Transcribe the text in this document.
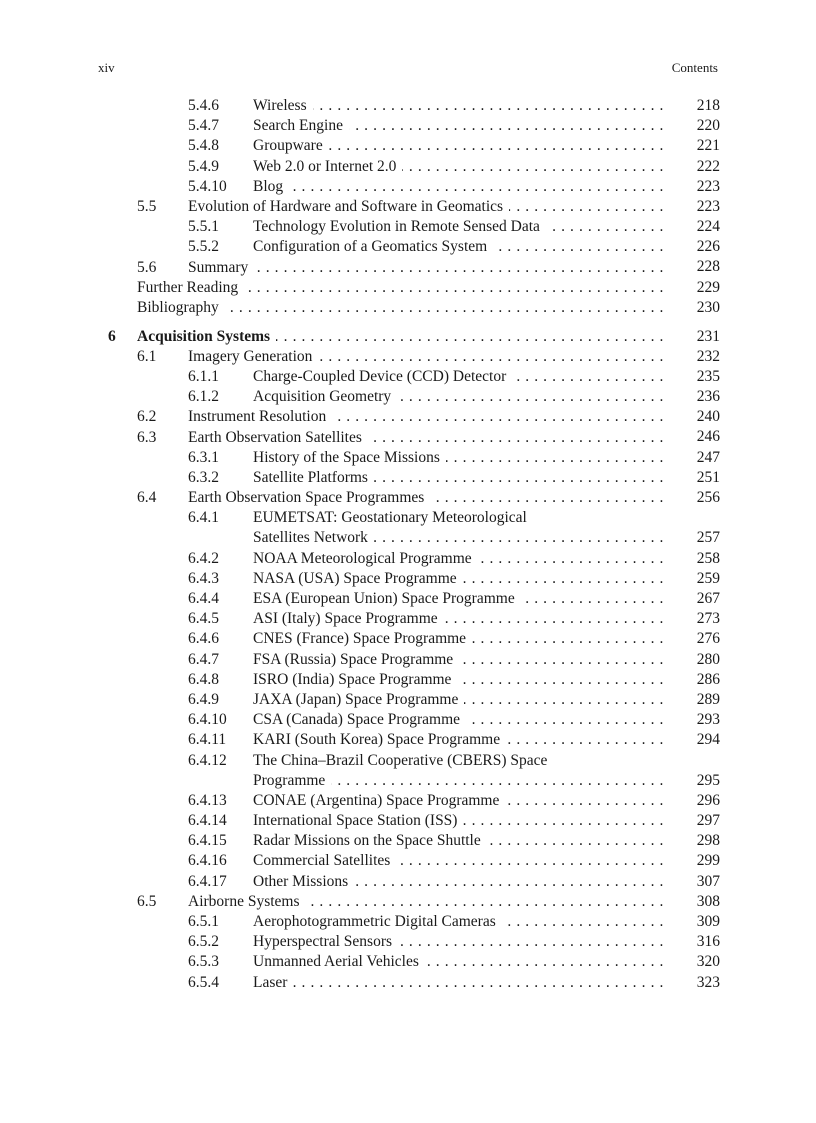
xiv	Contents
5.4.6 Wireless . . .	218
5.4.7 Search Engine . . .	220
5.4.8 Groupware . . .	221
5.4.9 Web 2.0 or Internet 2.0 . . .	222
5.4.10 Blog . . .	223
5.5 Evolution of Hardware and Software in Geomatics . . .	223
5.5.1 Technology Evolution in Remote Sensed Data . . .	224
5.5.2 Configuration of a Geomatics System . . .	226
5.6 Summary . . .	228
Further Reading . . .	229
Bibliography . . .	230
6 Acquisition Systems . . .	231
6.1 Imagery Generation . . .	232
6.1.1 Charge-Coupled Device (CCD) Detector . . .	235
6.1.2 Acquisition Geometry . . .	236
6.2 Instrument Resolution . . .	240
6.3 Earth Observation Satellites . . .	246
6.3.1 History of the Space Missions . . .	247
6.3.2 Satellite Platforms . . .	251
6.4 Earth Observation Space Programmes . . .	256
6.4.1 EUMETSAT: Geostationary Meteorological
Satellites Network
. . .	257
6.4.2 NOAA Meteorological Programme . . .	258
6.4.3 NASA (USA) Space Programme . . .	259
6.4.4 ESA (European Union) Space Programme . . .	267
6.4.5 ASI (Italy) Space Programme . . .	273
6.4.6 CNES (France) Space Programme . . .	276
6.4.7 FSA (Russia) Space Programme . . .	280
6.4.8 ISRO (India) Space Programme . . .	286
6.4.9 JAXA (Japan) Space Programme . . .	289
6.4.10 CSA (Canada) Space Programme . . .	293
6.4.11 KARI (South Korea) Space Programme . . .	294
6.4.12 The China–Brazil Cooperative (CBERS) Space
Programme
. . .	295
6.4.13 CONAE (Argentina) Space Programme . . .	296
6.4.14 International Space Station (ISS) . . .	297
6.4.15 Radar Missions on the Space Shuttle . . .	298
6.4.16 Commercial Satellites . . .	299
6.4.17 Other Missions . . .	307
6.5 Airborne Systems . . .	308
6.5.1 Aerophotogrammetric Digital Cameras . . .	309
6.5.2 Hyperspectral Sensors . . .	316
6.5.3 Unmanned Aerial Vehicles . . .	320
6.5.4 Laser . . .	323
